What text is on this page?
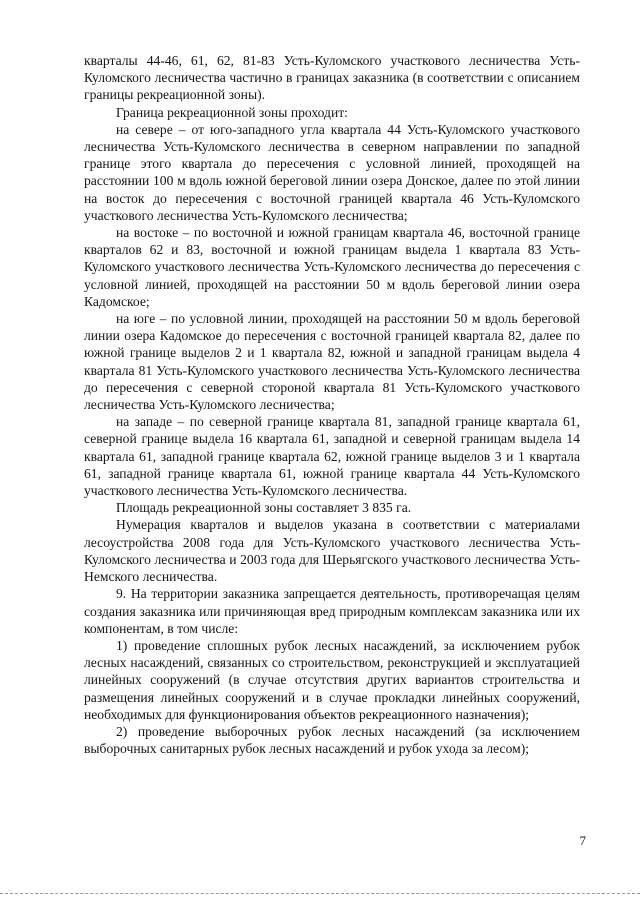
кварталы 44-46, 61, 62, 81-83 Усть-Куломского участкового лесничества Усть-Куломского лесничества частично в границах заказника (в соответствии с описанием границы рекреационной зоны).

Граница рекреационной зоны проходит:

на севере – от юго-западного угла квартала 44 Усть-Куломского участкового лесничества Усть-Куломского лесничества в северном направлении по западной границе этого квартала до пересечения с условной линией, проходящей на расстоянии 100 м вдоль южной береговой линии озера Донское, далее по этой линии на восток до пересечения с восточной границей квартала 46 Усть-Куломского участкового лесничества Усть-Куломского лесничества;

на востоке – по восточной и южной границам квартала 46, восточной границе кварталов 62 и 83, восточной и южной границам выдела 1 квартала 83 Усть-Куломского участкового лесничества Усть-Куломского лесничества до пересечения с условной линией, проходящей на расстоянии 50 м вдоль береговой линии озера Кадомское;

на юге – по условной линии, проходящей на расстоянии 50 м вдоль береговой линии озера Кадомское до пересечения с восточной границей квартала 82, далее по южной границе выделов 2 и 1 квартала 82, южной и западной границам выдела 4 квартала 81 Усть-Куломского участкового лесничества Усть-Куломского лесничества до пересечения с северной стороной квартала 81 Усть-Куломского участкового лесничества Усть-Куломского лесничества;

на западе – по северной границе квартала 81, западной границе квартала 61, северной границе выдела 16 квартала 61, западной и северной границам выдела 14 квартала 61, западной границе квартала 62, южной границе выделов 3 и 1 квартала 61, западной границе квартала 61, южной границе квартала 44 Усть-Куломского участкового лесничества Усть-Куломского лесничества.

Площадь рекреационной зоны составляет 3 835 га.

Нумерация кварталов и выделов указана в соответствии с материалами лесоустройства 2008 года для Усть-Куломского участкового лесничества Усть-Куломского лесничества и 2003 года для Шерьягского участкового лесничества Усть-Немского лесничества.

9. На территории заказника запрещается деятельность, противоречащая целям создания заказника или причиняющая вред природным комплексам заказника или их компонентам, в том числе:

1) проведение сплошных рубок лесных насаждений, за исключением рубок лесных насаждений, связанных со строительством, реконструкцией и эксплуатацией линейных сооружений (в случае отсутствия других вариантов строительства и размещения линейных сооружений и в случае прокладки линейных сооружений, необходимых для функционирования объектов рекреационного назначения);

2) проведение выборочных рубок лесных насаждений (за исключением выборочных санитарных рубок лесных насаждений и рубок ухода за лесом);

7
